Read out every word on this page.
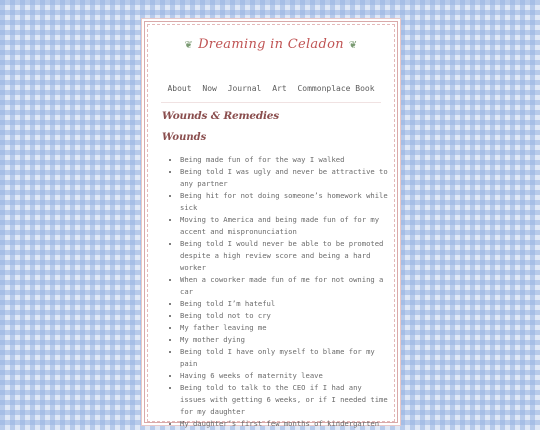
❦ Dreaming in Celadon ❦
About Now Journal Art Commonplace Book
Wounds & Remedies
Wounds
• Being made fun of for the way I walked
• Being told I was ugly and never be attractive to any partner
• Being hit for not doing someone’s homework while sick
• Moving to America and being made fun of for my accent and mispronunciation
• Being told I would never be able to be promoted despite a high review score and being a hard worker
• When a coworker made fun of me for not owning a car
• Being told I’m hateful
• Being told not to cry
• My father leaving me
• My mother dying
• Being told I have only myself to blame for my pain
• Having 6 weeks of maternity leave
• Being told to talk to the CEO if I had any issues with getting 6 weeks, or if I needed time for my daughter
• My daughter’s first few months of kindergarten
